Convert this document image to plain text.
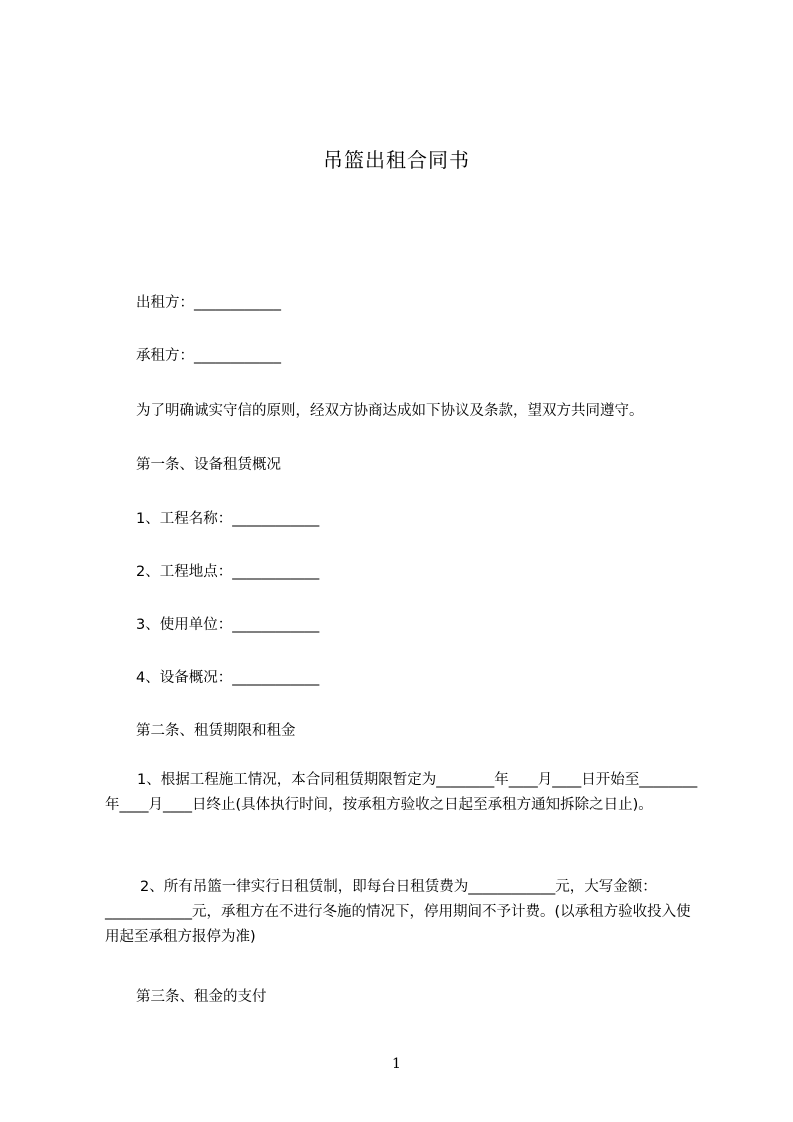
吊篮出租合同书
出租方：____________
承租方：____________
为了明确诚实守信的原则，经双方协商达成如下协议及条款，望双方共同遵守。
第一条、设备租赁概况
1、工程名称：____________
2、工程地点：____________
3、使用单位：____________
4、设备概况：____________
第二条、租赁期限和租金
1、根据工程施工情况，本合同租赁期限暂定为________年____月____日开始至________年____月____日终止(具体执行时间，按承租方验收之日起至承租方通知拆除之日止)。
2、所有吊篮一律实行日租赁制，即每台日租赁费为____________元，大写金额：____________元，承租方在不进行冬施的情况下，停用期间不予计费。(以承租方验收投入使用起至承租方报停为准)
第三条、租金的支付
1
